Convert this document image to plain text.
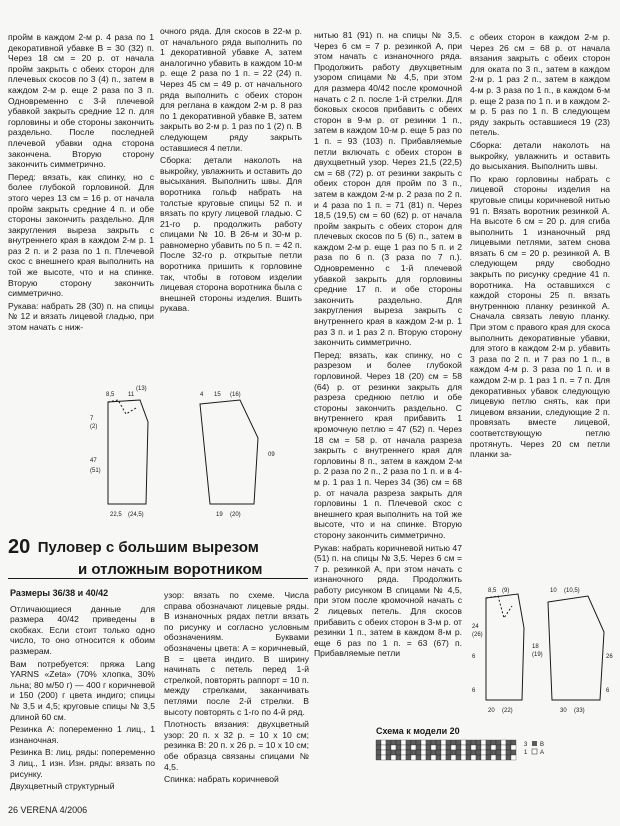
пройм в каждом 2-м р. 4 раза по 1 декоративной убавке В = 30 (32) п. Через 18 см = 20 р. от начала пройм закрыть с обеих сторон для плечевых скосов по 3 (4) п., затем в каждом 2-м р. еще 2 раза по 3 п. Одновременно с 3-й плечевой убавкой закрыть средние 12 п. для горловины и обе стороны закончить раздельно. После последней плечевой убавки одна сторона закончена. Вторую сторону закончить симметрично.

Перед: вязать, как спинку, но с более глубокой горловиной. Для этого через 13 см = 16 р. от начала пройм закрыть средние 4 п. и обе стороны закончить раздельно. Для закругления выреза закрыть с внутреннего края в каждом 2-м р. 1 раз 2 п. и 2 раза по 1 п. Плечевой скос с внешнего края выполнить на той же высоте, что и на спинке. Вторую сторону закончить симметрично.

Рукава: набрать 28 (30) п. на спицы № 12 и вязать лицевой гладью, при этом начать с ниж-

очного ряда. Для скосов в 22-м р. от начального ряда выполнить по 1 декоративной убавке А, затем аналогично убавить в каждом 10-м р. еще 2 раза по 1 п. = 22 (24) п. Через 45 см = 49 р. от начального ряда выполнить с обеих сторон для реглана в каждом 2-м р. 8 раз по 1 декоративной убавке В, затем закрыть во 2-м р. 1 раз по 1 (2) п. В следующем ряду закрыть оставшиеся 4 петли.

Сборка: детали наколоть на выкройку, увлажнить и оставить до высыхания. Выполнить швы. Для воротника гольф набрать на толстые круговые спицы 52 п. и вязать по кругу лицевой гладью. С 21-го р. продолжить работу спицами № 10. В 26-м и 30-м р. равномерно убавить по 5 п. = 42 п. После 32-го р. открытые петли воротника пришить к горловине так, чтобы в готовом изделии лицевая сторона воротника была с внешней стороны изделия. Вшить рукава.

нитью 81 (91) п. на спицы № 3,5. Через 6 см = 7 р. резинкой А, при этом начать с изнаночного ряда. Продолжить работу двухцветным узором спицами № 4,5, при этом для размера 40/42 после кромочной начать с 2 п. после 1-й стрелки. Для боковых скосов прибавить с обеих сторон в 9-м р. от резинки 1 п., затем в каждом 10-м р. еще 5 раз по 1 п. = 93 (103) п. Прибавляемые петли включать с обеих сторон в двухцветный узор. Через 21,5 (22,5) см = 68 (72) р. от резинки закрыть с обеих сторон для пройм по 3 п., затем в каждом 2-м р. 2 раза по 2 п. и 4 раза по 1 п. = 71 (81) п. Через 18,5 (19,5) см = 60 (62) р. от начала пройм закрыть с обеих сторон для плечевых скосов по 5 (6) п., затем в каждом 2-м р. еще 1 раз по 5 п. и 2 раза по 6 п. (3 раза по 7 п.). Одновременно с 1-й плечевой убавкой закрыть для горловины средние 17 п. и обе стороны закончить раздельно. Для закругления выреза закрыть с внутреннего края в каждом 2-м р. 1 раз 3 п. и 1 раз 2 п. Вторую сторону закончить симметрично.

Перед: вязать, как спинку, но с разрезом и более глубокой горловиной. Через 18 (20) см = 58 (64) р. от резинки закрыть для разреза среднюю петлю и обе стороны закончить раздельно. С внутреннего края прибавить 1 кромочную петлю = 47 (52) п. Через 18 см = 58 р. от начала разреза закрыть с внутреннего края для горловины 8 п., затем в каждом 2-м р. 2 раза по 2 п., 2 раза по 1 п. и в 4-м р. 1 раз 1 п. Через 34 (36) см = 68 р. от начала разреза закрыть для горловины 1 п. Плечевой скос с внешнего края выполнить на той же высоте, что и на спинке. Вторую сторону закончить симметрично.

Рукав: набрать коричневой нитью 47 (51) п. на спицы № 3,5. Через 6 см = 7 р. резинкой А, при этом начать с изнаночного ряда. Продолжить работу рисунком В спицами № 4,5, при этом после кромочной начать с 2 лицевых петель. Для скосов прибавить с обеих сторон в 3-м р. от резинки 1 п., затем в каждом 8-м р. еще 6 раз по 1 п. = 63 (67) п. Прибавляемые петли

с обеих сторон в каждом 2-м р. Через 26 см = 68 р. от начала вязания закрыть с обеих сторон для оката по 3 п., затем в каждом 2-м р. 1 раз 2 п., затем в каждом 4-м р. 3 раза по 1 п., в каждом 6-м р. еще 2 раза по 1 п. и в каждом 2-м р. 5 раз по 1 п. В следующем ряду закрыть оставшиеся 19 (23) петель.

Сборка: детали наколоть на выкройку, увлажнить и оставить до высыхания. Выполнить швы.

По краю горловины набрать с лицевой стороны изделия на круговые спицы коричневой нитью 91 п. Вязать воротник резинкой А. На высоте 6 см = 20 р. для сгиба выполнить 1 изнаночный ряд лицевыми петлями, затем снова вязать 6 см = 20 р. резинкой А. В следующем ряду свободно закрыть по рисунку средние 41 п. воротника. На оставшихся с каждой стороны 25 п. вязать внутреннюю планку резинкой А. Сначала связать левую планку. При этом с правого края для скоса выполнить декоративные убавки, для этого в каждом 2-м р. убавить 3 раза по 2 п. и 7 раз по 1 п., в каждом 4-м р. 3 раза по 1 п. и в каждом 2-м р. 1 раз 1 п. = 7 п. Для декоративных убавок следующую лицевую петлю снять, как при лицевом вязании, следующие 2 п. провязать вместе лицевой, соответствующую петлю протянуть. Через 20 см петли планки за-

8,5 11
(13)
4 15 (16)
7
(2)
47
(51)
22,5 (24,5)	19 (20)
09
20 Пуловер с большим вырезом
и отложным воротником

Размеры 36/38 и 40/42

Отличающиеся данные для размера 40/42 приведены в скобках. Если стоит только одно число, то оно относится к обоим размерам.

Вам потребуется: пряжа Lang YARNS «Zeta» (70% хлопка, 30% льна; 80 м/50 г) — 400 г коричневой и 150 (200) г цвета индиго; спицы № 3,5 и 4,5; круговые спицы № 3,5 длиной 60 см.

Резинка А: попеременно 1 лиц., 1 изнаночная.

Резинка В: лиц. ряды: попеременно 3 лиц., 1 изн. Изн. ряды: вязать по рисунку.

Двухцветный структурный

узор: вязать по схеме. Числа справа обозначают лицевые ряды. В изнаночных рядах петли вязать по рисунку и согласно условным обозначениям. Буквами обозначены цвета: А = коричневый, В = цвета индиго. В ширину начинать с петель перед 1-й стрелкой, повторять раппорт = 10 п. между стрелками, заканчивать петлями после 2-й стрелки. В высоту повторять с 1-го по 4-й ряд.

Плотность вязания: двухцветный узор: 20 п. х 32 р. = 10 х 10 см; резинка В: 20 п. х 26 р. = 10 х 10 см; обе образца связаны спицами № 4,5.

Спинка: набрать коричневой

8,5 (9)	10 (10,5)
24
(26)
6
6
18
(19)
20 (22)	30 (33)
26
6
Схема к модели 20
3
1
В
А
26 VERENA 4/2006
